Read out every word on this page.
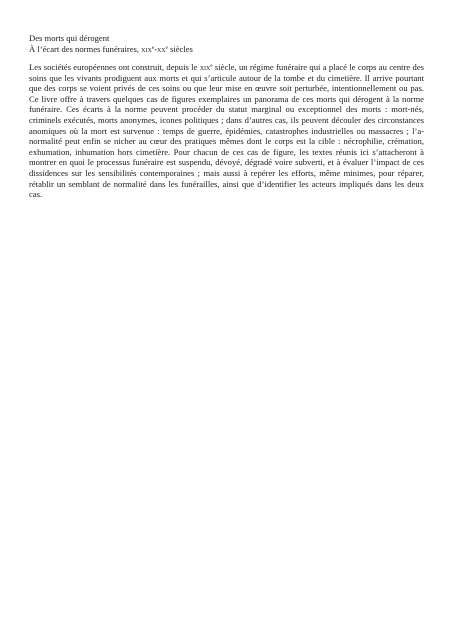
Des morts qui dérogent

À l’écart des normes funéraires, $xix^e-xx^e$ siècles

Les sociétés européennes ont construit, depuis le xix$^e$ siècle, un régime funéraire qui a placé le corps au centre des soins que les vivants prodiguent aux morts et qui s’articule autour de la tombe et du cimetière. Il arrive pourtant que des corps se voient privés de ces soins ou que leur mise en œuvre soit perturbée, intentionnellement ou pas. Ce livre offre à travers quelques cas de figures exemplaires un panorama de ces morts qui dérogent à la norme funéraire. Ces écarts à la norme peuvent procéder du statut marginal ou exceptionnel des morts : mort-nés, criminels exécutés, morts anonymes, icones politiques ; dans d’autres cas, ils peuvent découler des circonstances anomiques où la mort est survenue : temps de guerre, épidémies, catastrophes industrielles ou massacres ; l’a-normalité peut enfin se nicher au cœur des pratiques mêmes dont le corps est la cible : nécrophilie, crémation, exhumation, inhumation hors cimetière. Pour chacun de ces cas de figure, les textes réunis ici s’attacheront à montrer en quoi le processus funéraire est suspendu, dévoyé, dégradé voire subverti, et à évaluer l’impact de ces dissidences sur les sensibilités contemporaines ; mais aussi à repérer les efforts, même minimes, pour réparer, rétablir un semblant de normalité dans les funérailles, ainsi que d’identifier les acteurs impliqués dans les deux cas.
